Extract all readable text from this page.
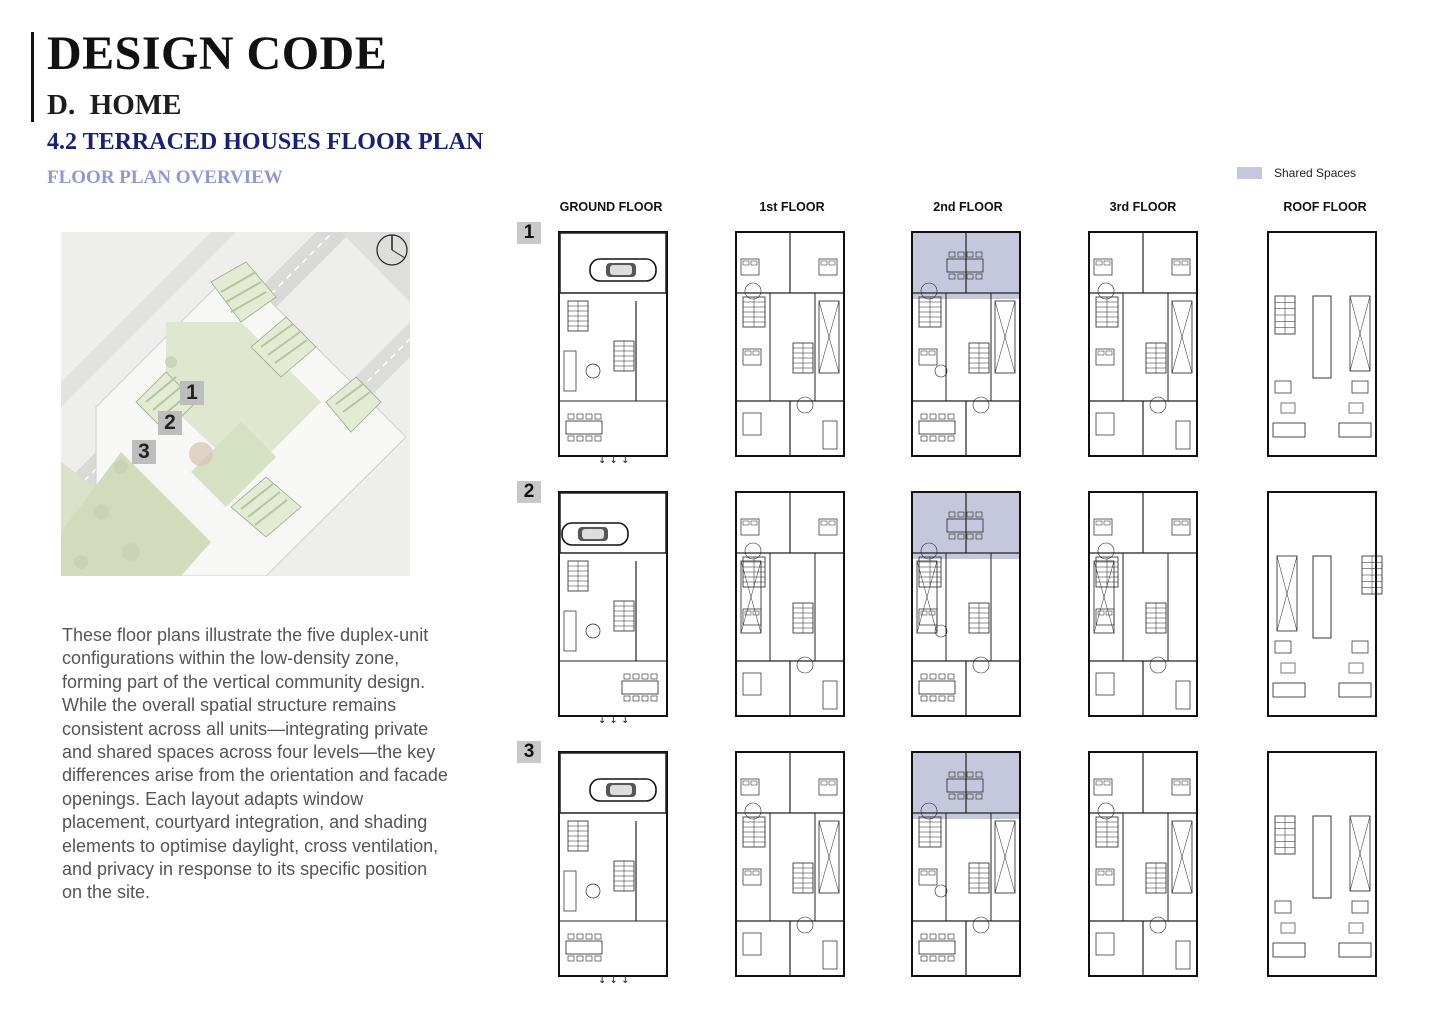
DESIGN CODE
D.  HOME
4.2 TERRACED HOUSES FLOOR PLAN
FLOOR PLAN OVERVIEW	Shared Spaces
1
2
3
These floor plans illustrate the five duplex-unit configurations within the low-density zone, forming part of the vertical community design. While the overall spatial structure remains consistent across all units—integrating private and shared spaces across four levels—the key differences arise from the orientation and facade openings. Each layout adapts window placement, courtyard integration, and shading elements to optimise daylight, cross ventilation, and privacy in response to its specific position on the site.
GROUND FLOOR	1st FLOOR	2nd FLOOR	3rd FLOOR	ROOF FLOOR
1
2
3
↓ ↓ ↓
↓ ↓ ↓
↓ ↓ ↓
